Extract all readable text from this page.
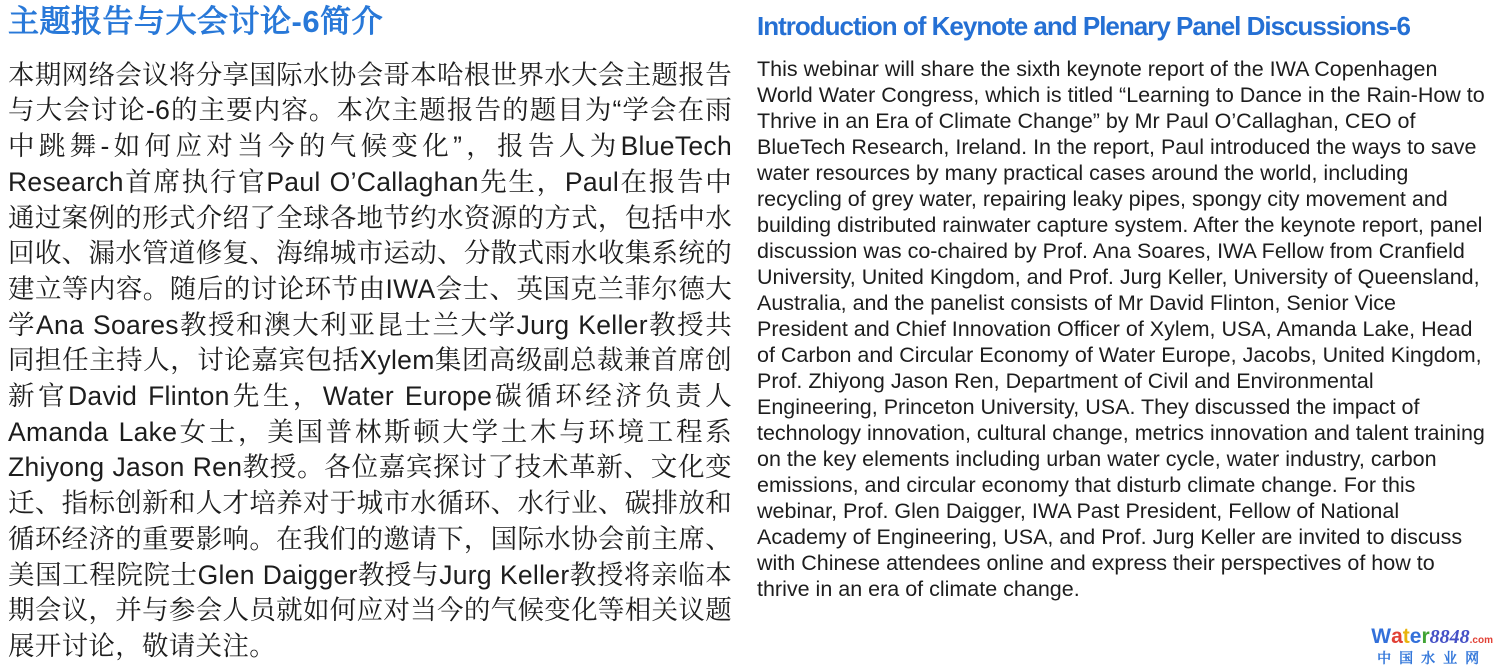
主题报告与大会讨论-6简介

本期网络会议将分享国际水协会哥本哈根世界水大会主题报告与大会讨论-6的主要内容。本次主题报告的题目为“学会在雨中跳舞-如何应对当今的气候变化”，报告人为BlueTech Research首席执行官Paul O’Callaghan先生，Paul在报告中通过案例的形式介绍了全球各地节约水资源的方式，包括中水回收、漏水管道修复、海绵城市运动、分散式雨水收集系统的建立等内容。随后的讨论环节由IWA会士、英国克兰菲尔德大学Ana Soares教授和澳大利亚昆士兰大学Jurg Keller教授共同担任主持人，讨论嘉宾包括Xylem集团高级副总裁兼首席创新官David Flinton先生，Water Europe碳循环经济负责人Amanda Lake女士，美国普林斯顿大学土木与环境工程系Zhiyong Jason Ren教授。各位嘉宾探讨了技术革新、文化变迁、指标创新和人才培养对于城市水循环、水行业、碳排放和循环经济的重要影响。在我们的邀请下，国际水协会前主席、美国工程院院士Glen Daigger教授与Jurg Keller教授将亲临本期会议，并与参会人员就如何应对当今的气候变化等相关议题展开讨论，敬请关注。

Introduction of Keynote and Plenary Panel Discussions-6

This webinar will share the sixth keynote report of the IWA Copenhagen World Water Congress, which is titled “Learning to Dance in the Rain-How to Thrive in an Era of Climate Change” by Mr Paul O’Callaghan, CEO of BlueTech Research, Ireland. In the report, Paul introduced the ways to save water resources by many practical cases around the world, including recycling of grey water, repairing leaky pipes, spongy city movement and building distributed rainwater capture system. After the keynote report, panel discussion was co-chaired by Prof. Ana Soares, IWA Fellow from Cranfield University, United Kingdom, and Prof. Jurg Keller, University of Queensland, Australia, and the panelist consists of Mr David Flinton, Senior Vice President and Chief Innovation Officer of Xylem, USA, Amanda Lake, Head of Carbon and Circular Economy of Water Europe, Jacobs, United Kingdom, Prof. Zhiyong Jason Ren, Department of Civil and Environmental Engineering, Princeton University, USA. They discussed the impact of technology innovation, cultural change, metrics innovation and talent training on the key elements including urban water cycle, water industry, carbon emissions, and circular economy that disturb climate change. For this webinar, Prof. Glen Daigger, IWA Past President, Fellow of National Academy of Engineering, USA, and Prof. Jurg Keller are invited to discuss with Chinese attendees online and express their perspectives of how to thrive in an era of climate change.

Water8848.com
中国水业网
